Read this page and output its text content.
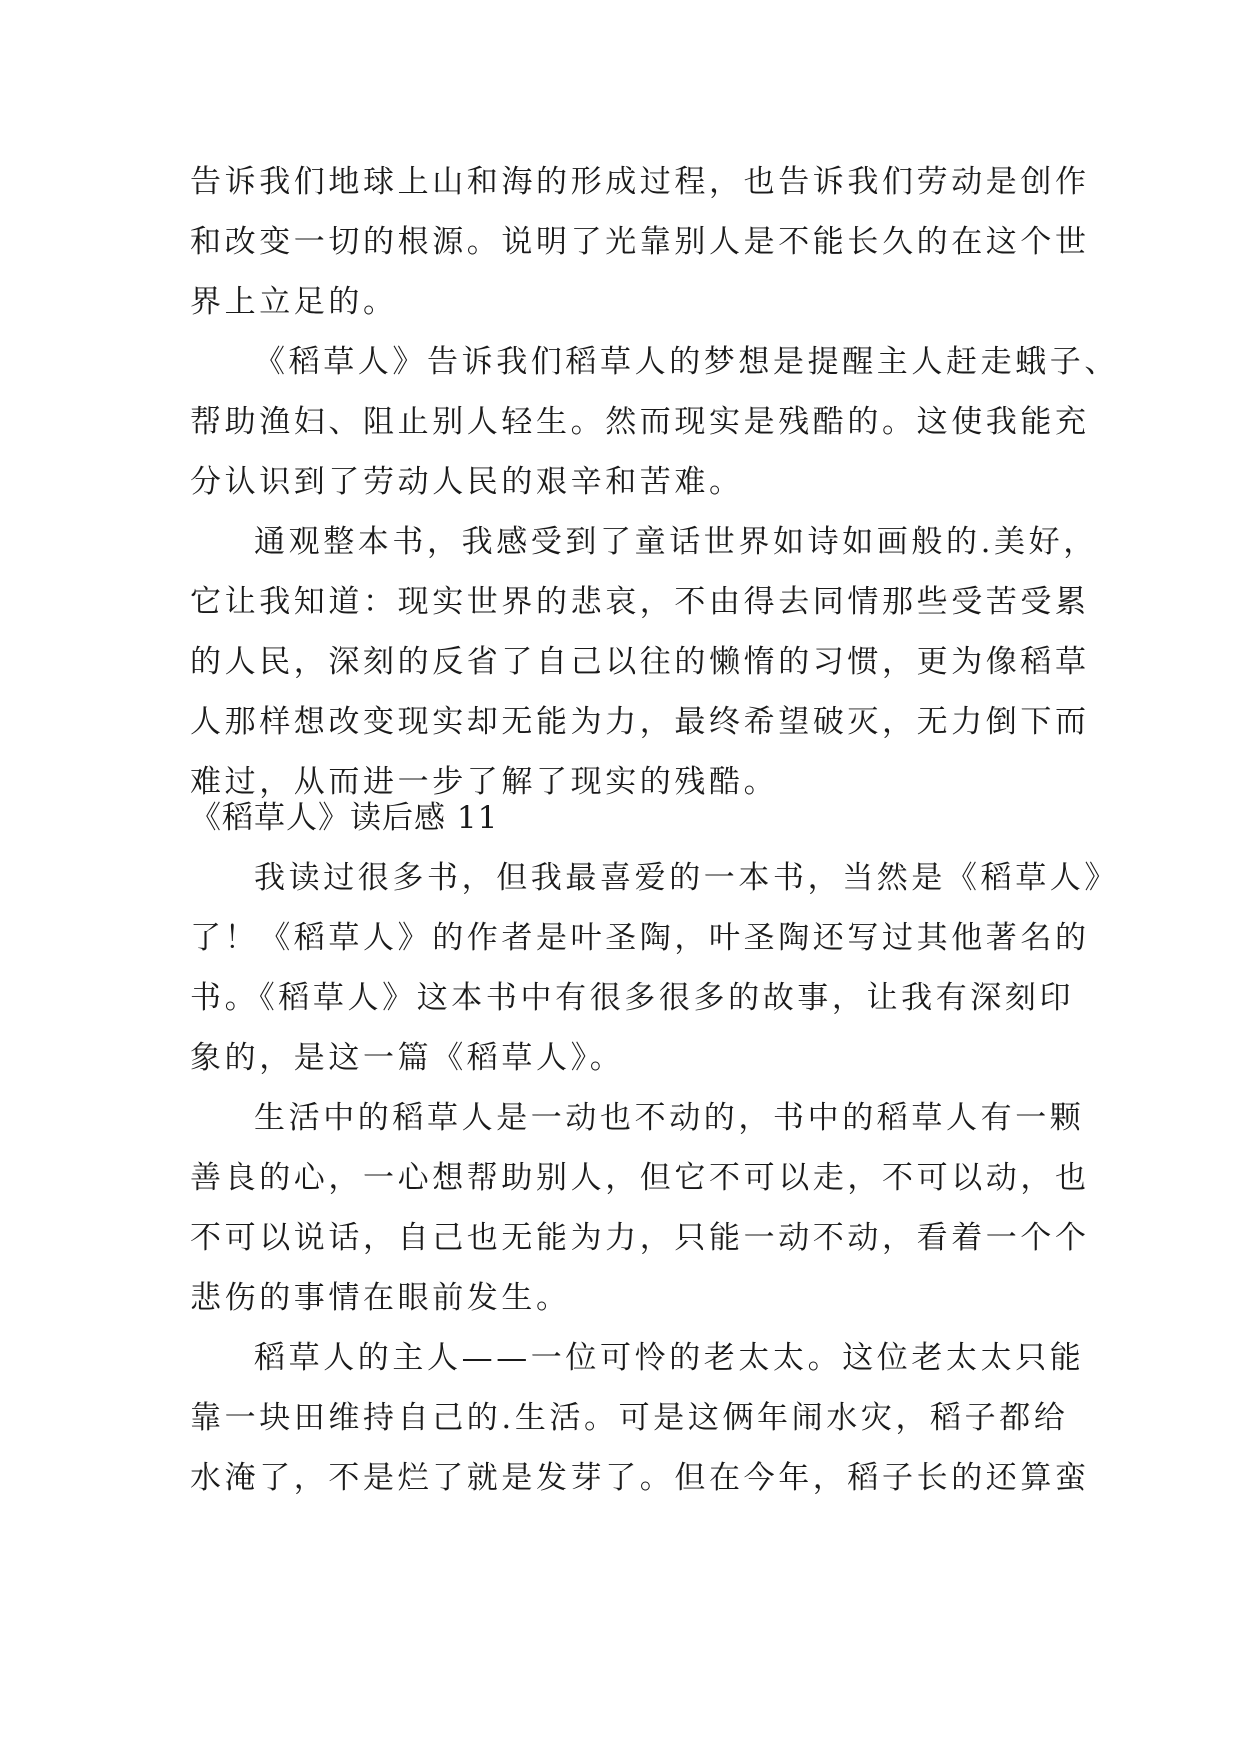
告诉我们地球上山和海的形成过程，也告诉我们劳动是创作
和改变一切的根源。说明了光靠别人是不能长久的在这个世
界上立足的。
《稻草人》告诉我们稻草人的梦想是提醒主人赶走蛾子、
帮助渔妇、阻止别人轻生。然而现实是残酷的。这使我能充
分认识到了劳动人民的艰辛和苦难。
通观整本书，我感受到了童话世界如诗如画般的.美好，
它让我知道：现实世界的悲哀，不由得去同情那些受苦受累
的人民，深刻的反省了自己以往的懒惰的习惯，更为像稻草
人那样想改变现实却无能为力，最终希望破灭，无力倒下而
难过，从而进一步了解了现实的残酷。
《稻草人》读后感 11
我读过很多书，但我最喜爱的一本书，当然是《稻草人》
了！《稻草人》的作者是叶圣陶，叶圣陶还写过其他著名的
书。《稻草人》这本书中有很多很多的故事，让我有深刻印
象的，是这一篇《稻草人》。
生活中的稻草人是一动也不动的，书中的稻草人有一颗
善良的心，一心想帮助别人，但它不可以走，不可以动，也
不可以说话，自己也无能为力，只能一动不动，看着一个个
悲伤的事情在眼前发生。
稻草人的主人——一位可怜的老太太。这位老太太只能
靠一块田维持自己的.生活。可是这俩年闹水灾，稻子都给
水淹了，不是烂了就是发芽了。但在今年，稻子长的还算蛮
